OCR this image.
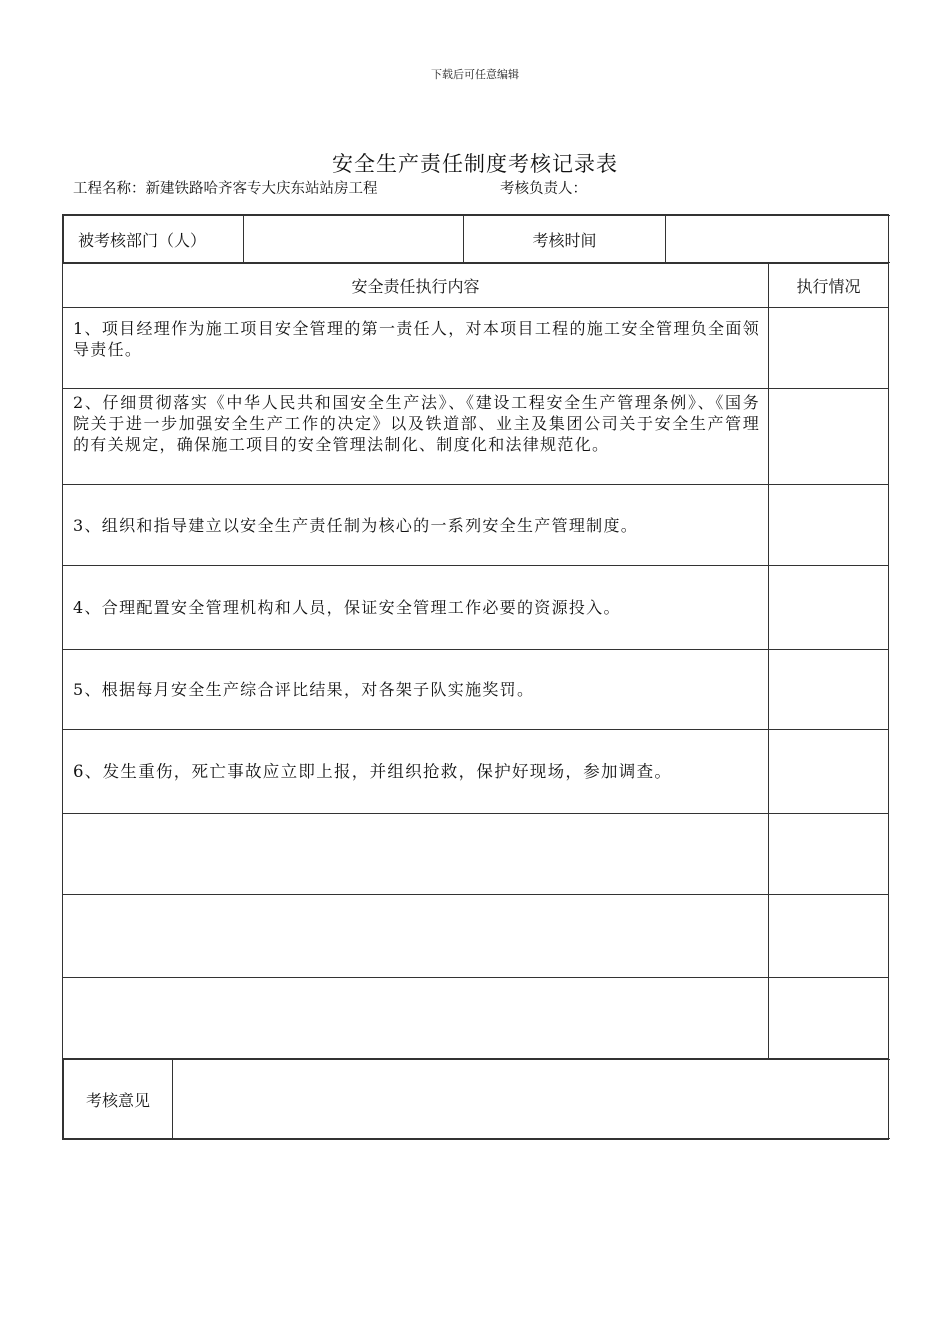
下载后可任意编辑
安全生产责任制度考核记录表
工程名称：新建铁路哈齐客专大庆东站站房工程	考核负责人：
被考核部门（人）		考核时间	

安全责任执行内容	执行情况
1、项目经理作为施工项目安全管理的第一责任人，对本项目工程的施工安全管理负全面领导责任。	
2、仔细贯彻落实《中华人民共和国安全生产法》、《建设工程安全生产管理条例》、《国务院关于进一步加强安全生产工作的决定》以及铁道部、业主及集团公司关于安全生产管理的有关规定，确保施工项目的安全管理法制化、制度化和法律规范化。	
3、组织和指导建立以安全生产责任制为核心的一系列安全生产管理制度。	
4、合理配置安全管理机构和人员，保证安全管理工作必要的资源投入。	
5、根据每月安全生产综合评比结果，对各架子队实施奖罚。	
6、发生重伤，死亡事故应立即上报，并组织抢救，保护好现场，参加调查。	

考核意见	
